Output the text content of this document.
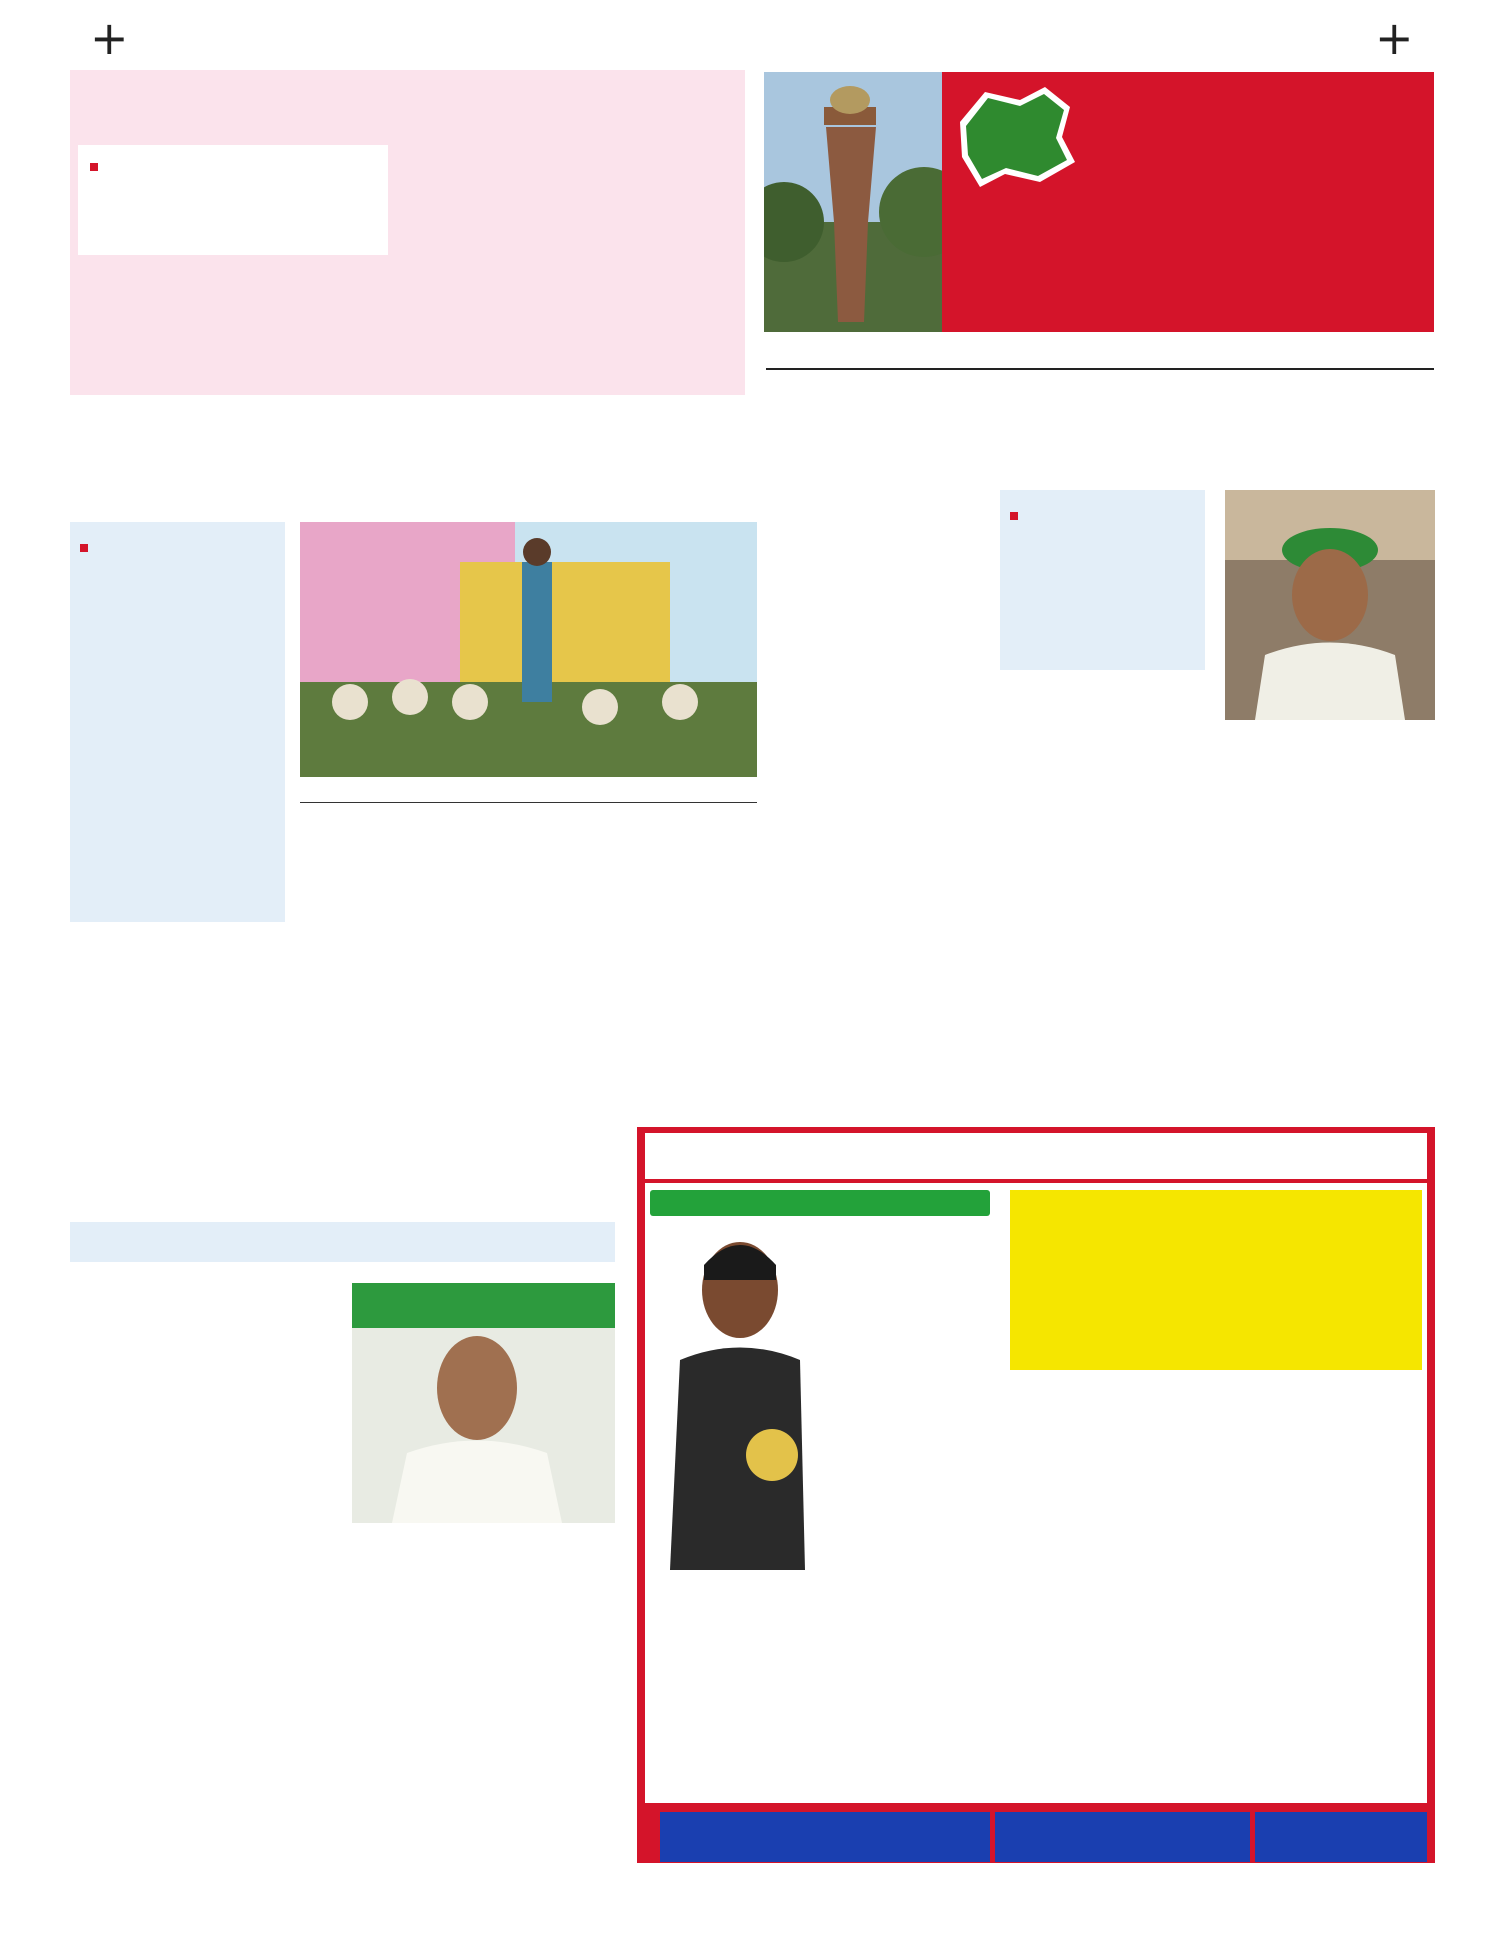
+	+
